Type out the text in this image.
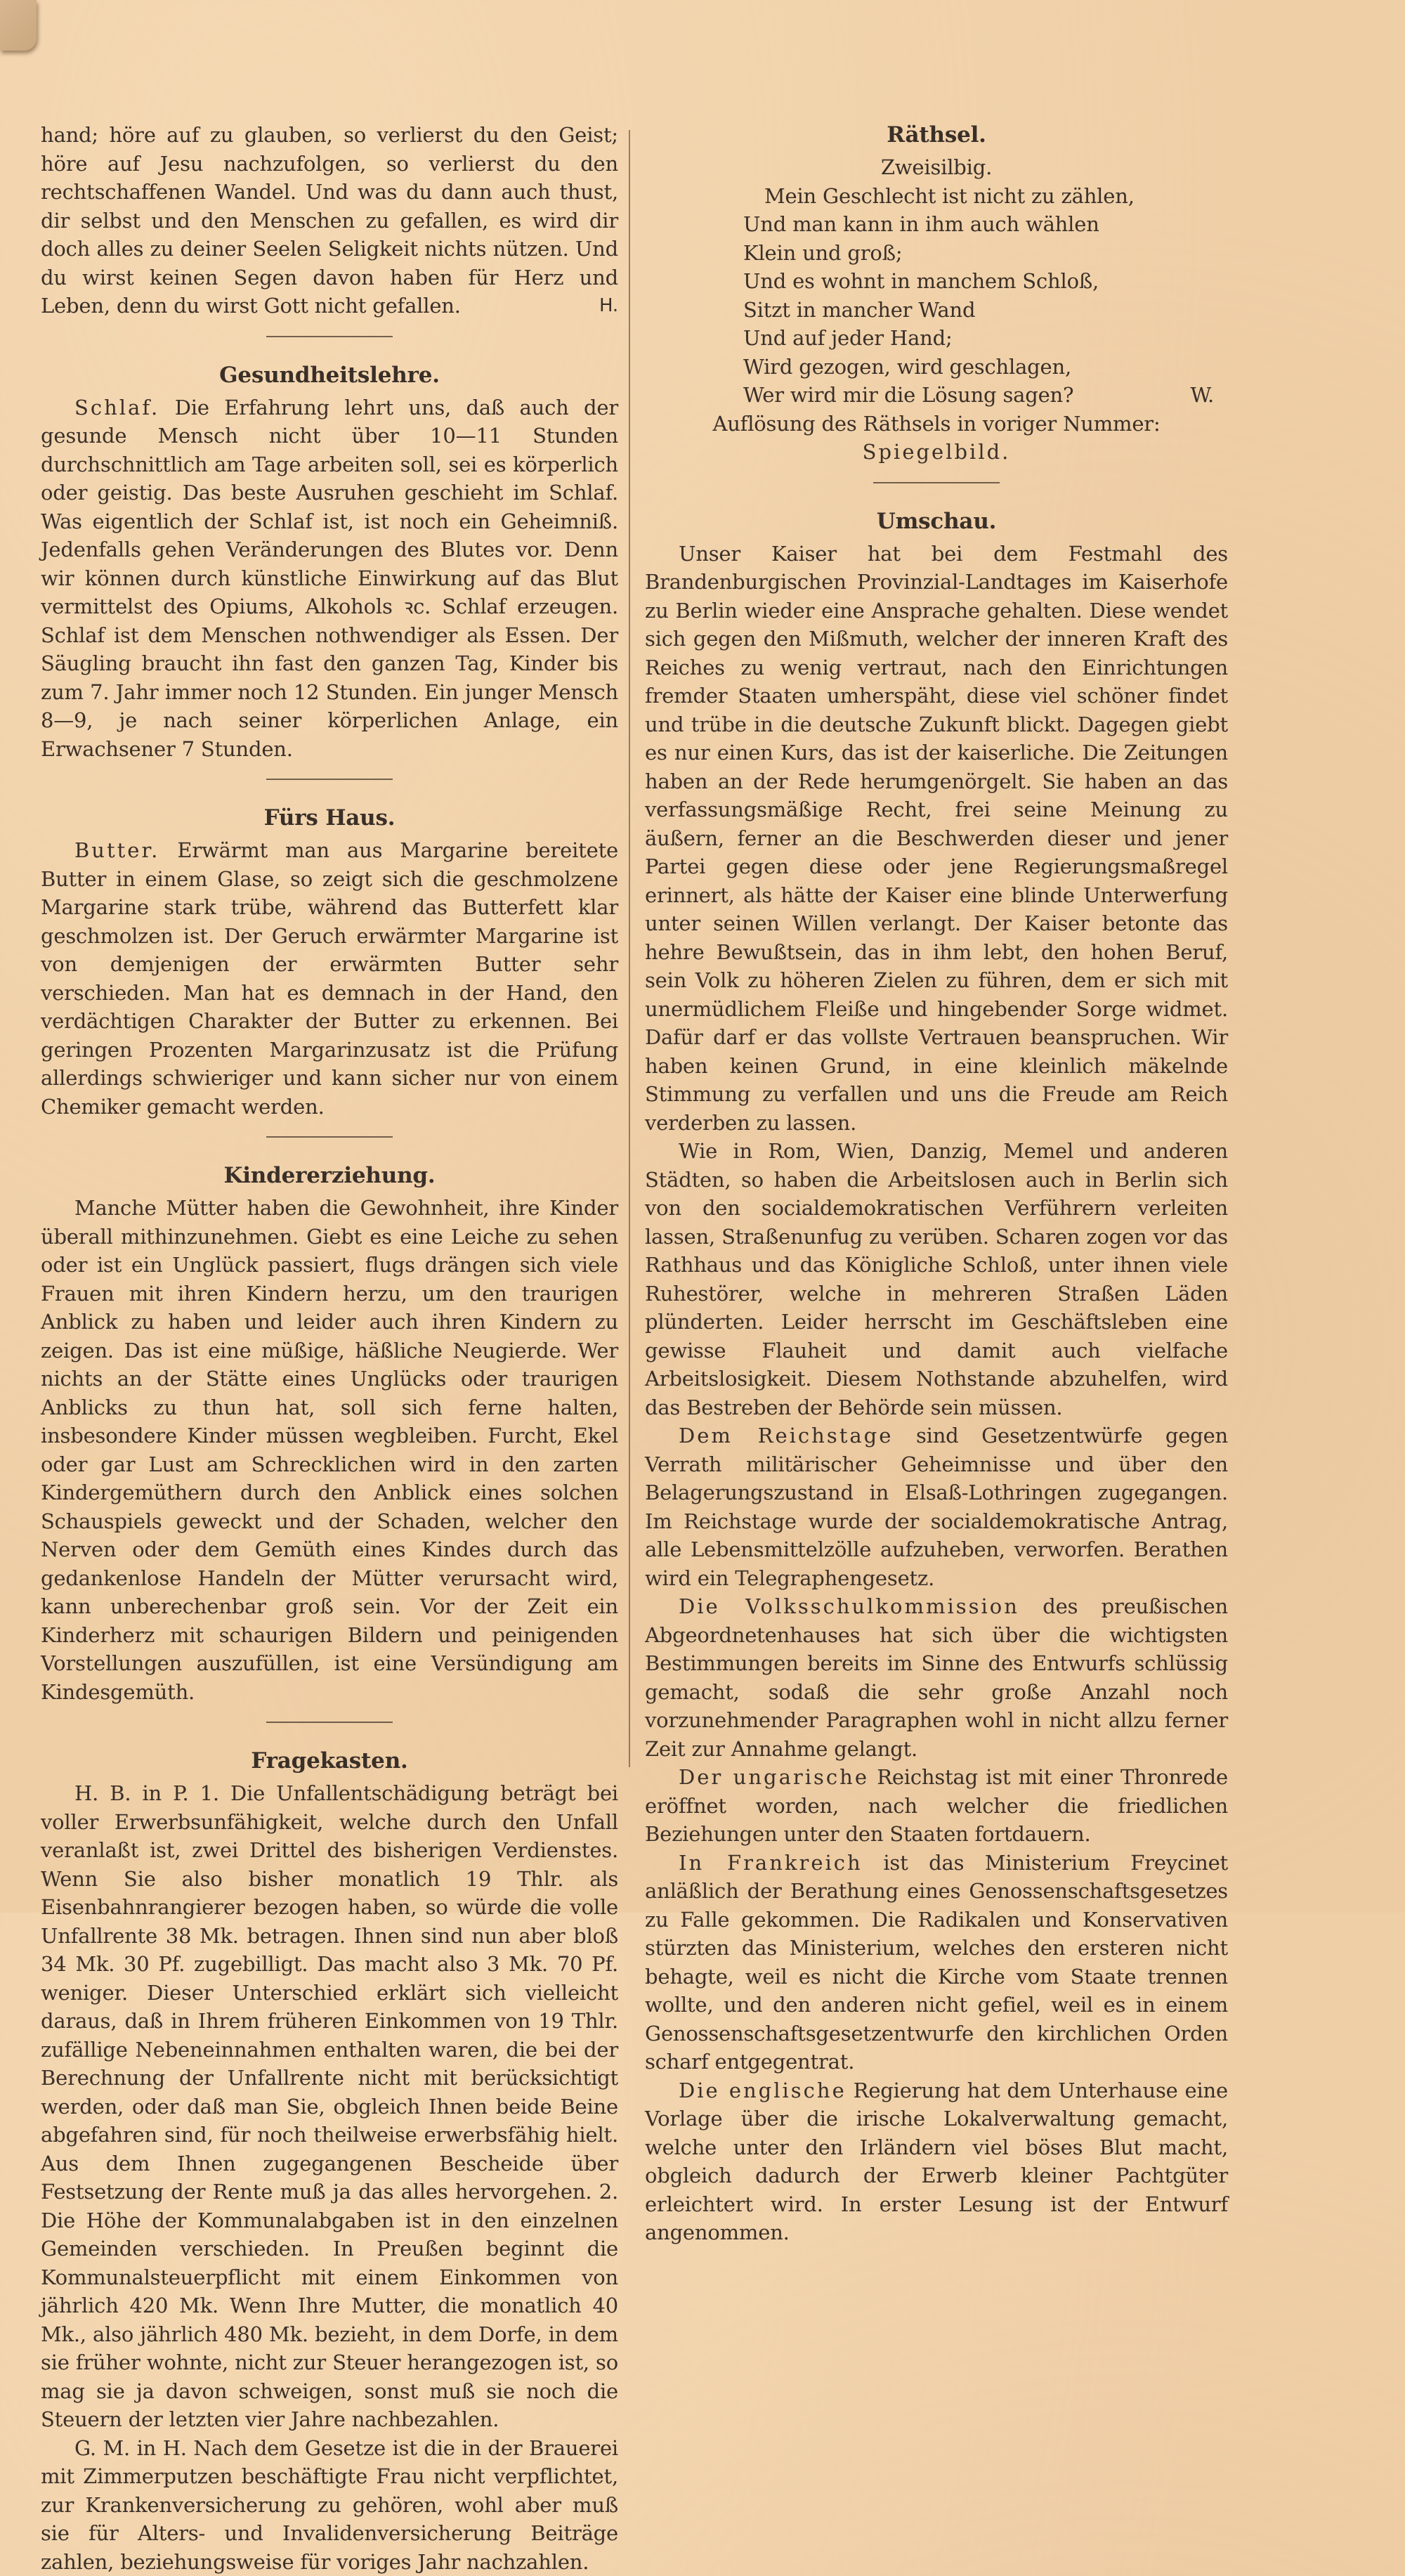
hand; höre auf zu glauben, so verlierst du den Geist; höre auf Jesu nachzufolgen, so verlierst du den rechtschaffenen Wandel. Und was du dann auch thust, dir selbst und den Menschen zu gefallen, es wird dir doch alles zu deiner Seelen Seligkeit nichts nützen. Und du wirst keinen Segen davon haben für Herz und Leben, denn du wirst Gott nicht gefallen.	H.

Gesundheitslehre.

Schlaf. Die Erfahrung lehrt uns, daß auch der gesunde Mensch nicht über 10—11 Stunden durchschnittlich am Tage arbeiten soll, sei es körperlich oder geistig. Das beste Ausruhen geschieht im Schlaf. Was eigentlich der Schlaf ist, ist noch ein Geheimniß. Jedenfalls gehen Veränderungen des Blutes vor. Denn wir können durch künstliche Einwirkung auf das Blut vermittelst des Opiums, Alkohols ꝛc. Schlaf erzeugen. Schlaf ist dem Menschen nothwendiger als Essen. Der Säugling braucht ihn fast den ganzen Tag, Kinder bis zum 7. Jahr immer noch 12 Stunden. Ein junger Mensch 8—9, je nach seiner körperlichen Anlage, ein Erwachsener 7 Stunden.

Fürs Haus.

Butter. Erwärmt man aus Margarine bereitete Butter in einem Glase, so zeigt sich die geschmolzene Margarine stark trübe, während das Butterfett klar geschmolzen ist. Der Geruch erwärmter Margarine ist von demjenigen der erwärmten Butter sehr verschieden. Man hat es demnach in der Hand, den verdächtigen Charakter der Butter zu erkennen. Bei geringen Prozenten Margarinzusatz ist die Prüfung allerdings schwieriger und kann sicher nur von einem Chemiker gemacht werden.

Kindererziehung.

Manche Mütter haben die Gewohnheit, ihre Kinder überall mithinzunehmen. Giebt es eine Leiche zu sehen oder ist ein Unglück passiert, flugs drängen sich viele Frauen mit ihren Kindern herzu, um den traurigen Anblick zu haben und leider auch ihren Kindern zu zeigen. Das ist eine müßige, häßliche Neugierde. Wer nichts an der Stätte eines Unglücks oder traurigen Anblicks zu thun hat, soll sich ferne halten, insbesondere Kinder müssen wegbleiben. Furcht, Ekel oder gar Lust am Schrecklichen wird in den zarten Kindergemüthern durch den Anblick eines solchen Schauspiels geweckt und der Schaden, welcher den Nerven oder dem Gemüth eines Kindes durch das gedankenlose Handeln der Mütter verursacht wird, kann unberechenbar groß sein. Vor der Zeit ein Kinderherz mit schaurigen Bildern und peinigenden Vorstellungen auszufüllen, ist eine Versündigung am Kindesgemüth.

Fragekasten.

H. B. in P. 1. Die Unfallentschädigung beträgt bei voller Erwerbsunfähigkeit, welche durch den Unfall veranlaßt ist, zwei Drittel des bisherigen Verdienstes. Wenn Sie also bisher monatlich 19 Thlr. als Eisenbahnrangierer bezogen haben, so würde die volle Unfallrente 38 Mk. betragen. Ihnen sind nun aber bloß 34 Mk. 30 Pf. zugebilligt. Das macht also 3 Mk. 70 Pf. weniger. Dieser Unterschied erklärt sich vielleicht daraus, daß in Ihrem früheren Einkommen von 19 Thlr. zufällige Nebeneinnahmen enthalten waren, die bei der Berechnung der Unfallrente nicht mit berücksichtigt werden, oder daß man Sie, obgleich Ihnen beide Beine abgefahren sind, für noch theilweise erwerbsfähig hielt. Aus dem Ihnen zugegangenen Bescheide über Festsetzung der Rente muß ja das alles hervorgehen. 2. Die Höhe der Kommunalabgaben ist in den einzelnen Gemeinden verschieden. In Preußen beginnt die Kommunalsteuerpflicht mit einem Einkommen von jährlich 420 Mk. Wenn Ihre Mutter, die monatlich 40 Mk., also jährlich 480 Mk. bezieht, in dem Dorfe, in dem sie früher wohnte, nicht zur Steuer herangezogen ist, so mag sie ja davon schweigen, sonst muß sie noch die Steuern der letzten vier Jahre nachbezahlen.

G. M. in H. Nach dem Gesetze ist die in der Brauerei mit Zimmerputzen beschäftigte Frau nicht verpflichtet, zur Krankenversicherung zu gehören, wohl aber muß sie für Alters- und Invalidenversicherung Beiträge zahlen, beziehungsweise für voriges Jahr nachzahlen.

Räthsel.

Zweisilbig.

Mein Geschlecht ist nicht zu zählen,
Und man kann in ihm auch wählen
Klein und groß;
Und es wohnt in manchem Schloß,
Sitzt in mancher Wand
Und auf jeder Hand;
Wird gezogen, wird geschlagen,
Wer wird mir die Lösung sagen?	W.

Auflösung des Räthsels in voriger Nummer:

Spiegelbild.

Umschau.

Unser Kaiser hat bei dem Festmahl des Brandenburgischen Provinzial-Landtages im Kaiserhofe zu Berlin wieder eine Ansprache gehalten. Diese wendet sich gegen den Mißmuth, welcher der inneren Kraft des Reiches zu wenig vertraut, nach den Einrichtungen fremder Staaten umherspäht, diese viel schöner findet und trübe in die deutsche Zukunft blickt. Dagegen giebt es nur einen Kurs, das ist der kaiserliche. Die Zeitungen haben an der Rede herumgenörgelt. Sie haben an das verfassungsmäßige Recht, frei seine Meinung zu äußern, ferner an die Beschwerden dieser und jener Partei gegen diese oder jene Regierungsmaßregel erinnert, als hätte der Kaiser eine blinde Unterwerfung unter seinen Willen verlangt. Der Kaiser betonte das hehre Bewußtsein, das in ihm lebt, den hohen Beruf, sein Volk zu höheren Zielen zu führen, dem er sich mit unermüdlichem Fleiße und hingebender Sorge widmet. Dafür darf er das vollste Vertrauen beanspruchen. Wir haben keinen Grund, in eine kleinlich mäkelnde Stimmung zu verfallen und uns die Freude am Reich verderben zu lassen.

Wie in Rom, Wien, Danzig, Memel und anderen Städten, so haben die Arbeitslosen auch in Berlin sich von den socialdemokratischen Verführern verleiten lassen, Straßenunfug zu verüben. Scharen zogen vor das Rathhaus und das Königliche Schloß, unter ihnen viele Ruhestörer, welche in mehreren Straßen Läden plünderten. Leider herrscht im Geschäftsleben eine gewisse Flauheit und damit auch vielfache Arbeitslosigkeit. Diesem Nothstande abzuhelfen, wird das Bestreben der Behörde sein müssen.

Dem Reichstage sind Gesetzentwürfe gegen Verrath militärischer Geheimnisse und über den Belagerungszustand in Elsaß-Lothringen zugegangen. Im Reichstage wurde der socialdemokratische Antrag, alle Lebensmittelzölle aufzuheben, verworfen. Berathen wird ein Telegraphengesetz.

Die Volksschulkommission des preußischen Abgeordnetenhauses hat sich über die wichtigsten Bestimmungen bereits im Sinne des Entwurfs schlüssig gemacht, sodaß die sehr große Anzahl noch vorzunehmender Paragraphen wohl in nicht allzu ferner Zeit zur Annahme gelangt.

Der ungarische Reichstag ist mit einer Thronrede eröffnet worden, nach welcher die friedlichen Beziehungen unter den Staaten fortdauern.

In Frankreich ist das Ministerium Freycinet anläßlich der Berathung eines Genossenschaftsgesetzes zu Falle gekommen. Die Radikalen und Konservativen stürzten das Ministerium, welches den ersteren nicht behagte, weil es nicht die Kirche vom Staate trennen wollte, und den anderen nicht gefiel, weil es in einem Genossenschaftsgesetzentwurfe den kirchlichen Orden scharf entgegentrat.

Die englische Regierung hat dem Unterhause eine Vorlage über die irische Lokalverwaltung gemacht, welche unter den Irländern viel böses Blut macht, obgleich dadurch der Erwerb kleiner Pachtgüter erleichtert wird. In erster Lesung ist der Entwurf angenommen.
